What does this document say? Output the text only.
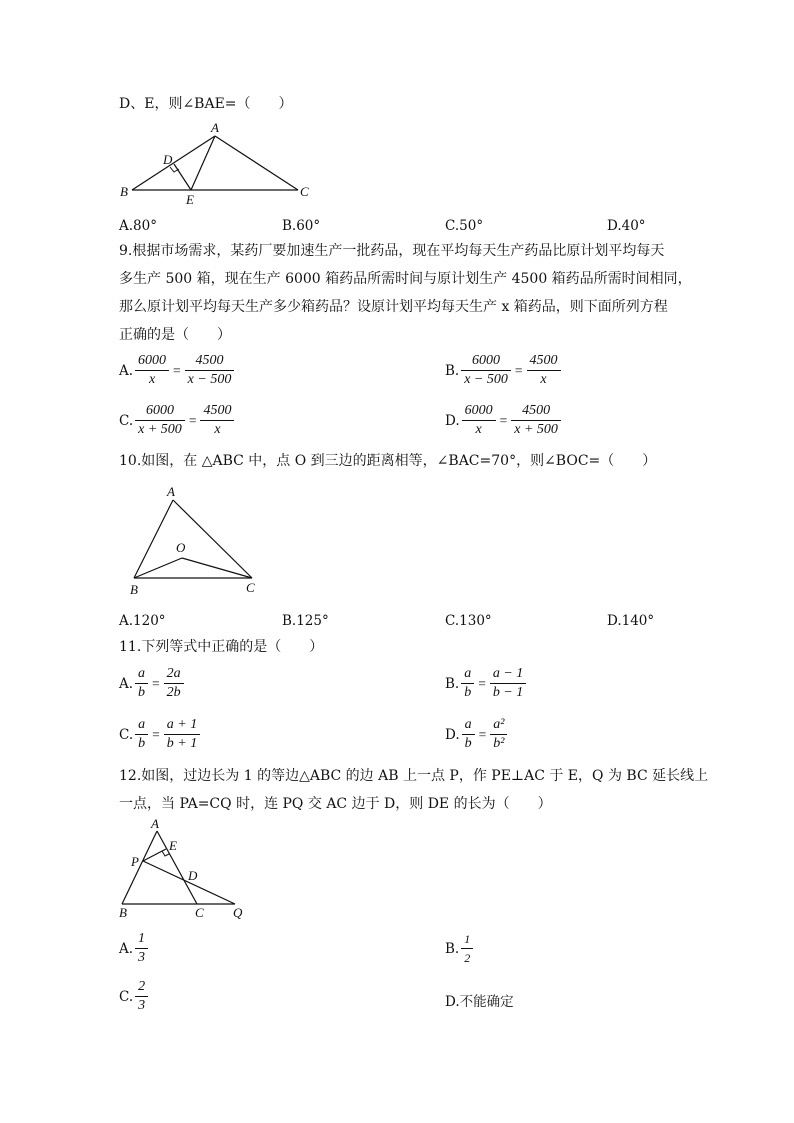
D、E，则∠BAE=（　　）
A
B	C
D
E
A.80°	B.60°	C.50°	D.40°
9.根据市场需求，某药厂要加速生产一批药品，现在平均每天生产药品比原计划平均每天
多生产 500 箱，现在生产 6000 箱药品所需时间与原计划生产 4500 箱药品所需时间相同，
那么原计划平均每天生产多少箱药品？设原计划平均每天生产 x 箱药品，则下面所列方程
正确的是（　　）
A. $\frac{6000}{x} = \frac{4500}{x - 500}$	B. $\frac{6000}{x - 500} = \frac{4500}{x}$
C. $\frac{6000}{x + 500} = \frac{4500}{x}$	D. $\frac{6000}{x} = \frac{4500}{x + 500}$
10.如图，在 △ABC 中，点 O 到三边的距离相等，∠BAC=70°，则∠BOC=（　　）
A
O
B	C
A.120°	B.125°	C.130°	D.140°
11.下列等式中正确的是（　　）
A. $\frac{a}{b} = \frac{2a}{2b}$	B. $\frac{a}{b} = \frac{a - 1}{b - 1}$
C. $\frac{a}{b} = \frac{a + 1}{b + 1}$	D. $\frac{a}{b} = \frac{\text{a²}}{\text{b²}}$
12.如图，过边长为 1 的等边△ABC 的边 AB 上一点 P，作 PE⊥AC 于 E，Q 为 BC 延长线上
一点，当 PA=CQ 时，连 PQ 交 AC 边于 D，则 DE 的长为（　　）
A
E
P
D
B	C Q
A. $\frac{1}{3}$	B. $\frac{1}{2}$
C. $\frac{2}{3}$	D.不能确定
